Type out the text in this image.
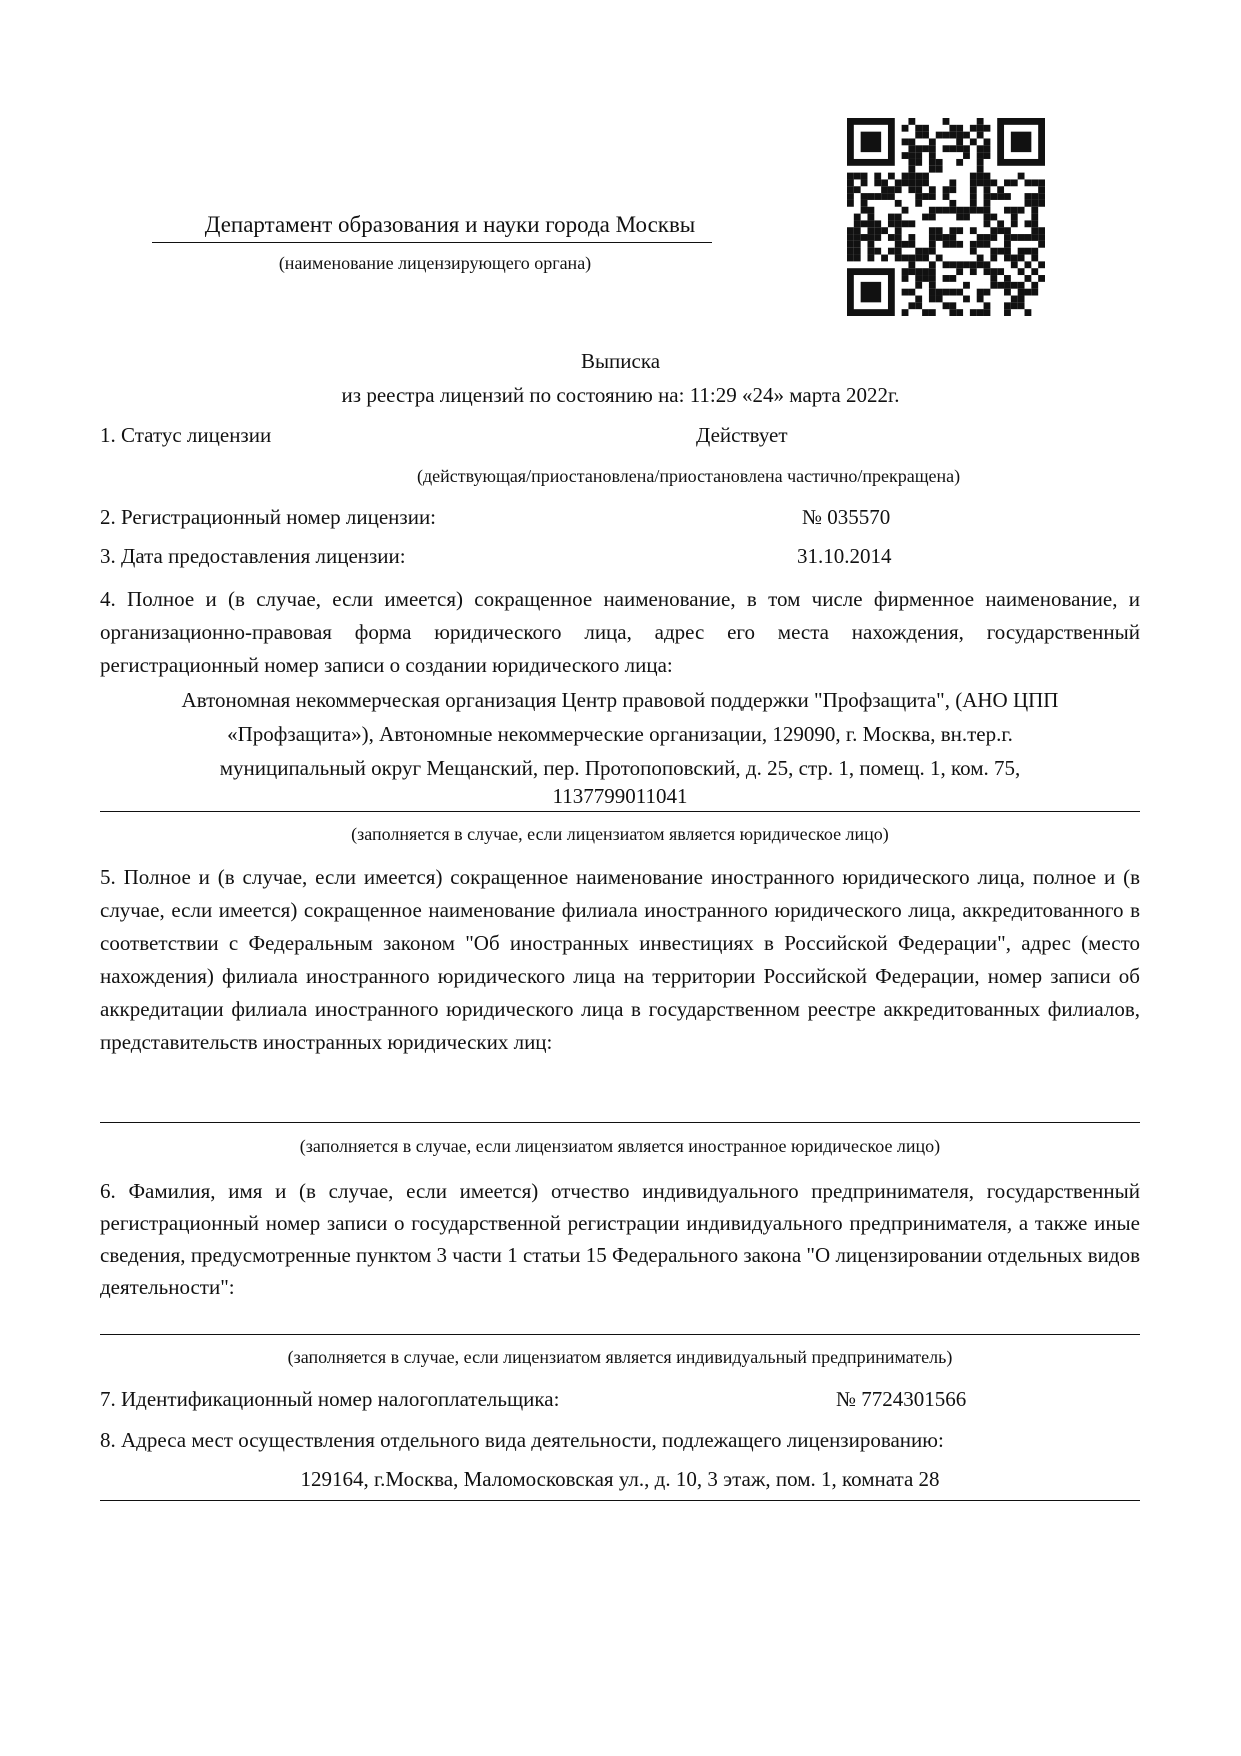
Департамент образования и науки города Москвы
(наименование лицензирующего органа)
Выписка
из реестра лицензий по состоянию на: 11:29 «24» марта 2022г.
1. Статус лицензии	Действует
(действующая/приостановлена/приостановлена частично/прекращена)
2. Регистрационный номер лицензии:	№ 035570
3. Дата предоставления лицензии:	31.10.2014
4. Полное и (в случае, если имеется) сокращенное наименование, в том числе фирменное наименование, и организационно-правовая форма юридического лица, адрес его места нахождения, государственный регистрационный номер записи о создании юридического лица:
Автономная некоммерческая организация Центр правовой поддержки "Профзащита", (АНО ЦПП
«Профзащита»), Автономные некоммерческие организации, 129090, г. Москва, вн.тер.г.
муниципальный округ Мещанский, пер. Протопоповский, д. 25, стр. 1, помещ. 1, ком. 75,
1137799011041
(заполняется в случае, если лицензиатом является юридическое лицо)
5. Полное и (в случае, если имеется) сокращенное наименование иностранного юридического лица, полное и (в случае, если имеется) сокращенное наименование филиала иностранного юридического лица, аккредитованного в соответствии с Федеральным законом "Об иностранных инвестициях в Российской Федерации", адрес (место нахождения) филиала иностранного юридического лица на территории Российской Федерации, номер записи об аккредитации филиала иностранного юридического лица в государственном реестре аккредитованных филиалов, представительств иностранных юридических лиц:
(заполняется в случае, если лицензиатом является иностранное юридическое лицо)
6. Фамилия, имя и (в случае, если имеется) отчество индивидуального предпринимателя, государственный регистрационный номер записи о государственной регистрации индивидуального предпринимателя, а также иные сведения, предусмотренные пунктом 3 части 1 статьи 15 Федерального закона "О лицензировании отдельных видов деятельности":
(заполняется в случае, если лицензиатом является индивидуальный предприниматель)
7. Идентификационный номер налогоплательщика:	№ 7724301566
8. Адреса мест осуществления отдельного вида деятельности, подлежащего лицензированию:
129164, г.Москва, Маломосковская ул., д. 10, 3 этаж, пом. 1, комната 28
